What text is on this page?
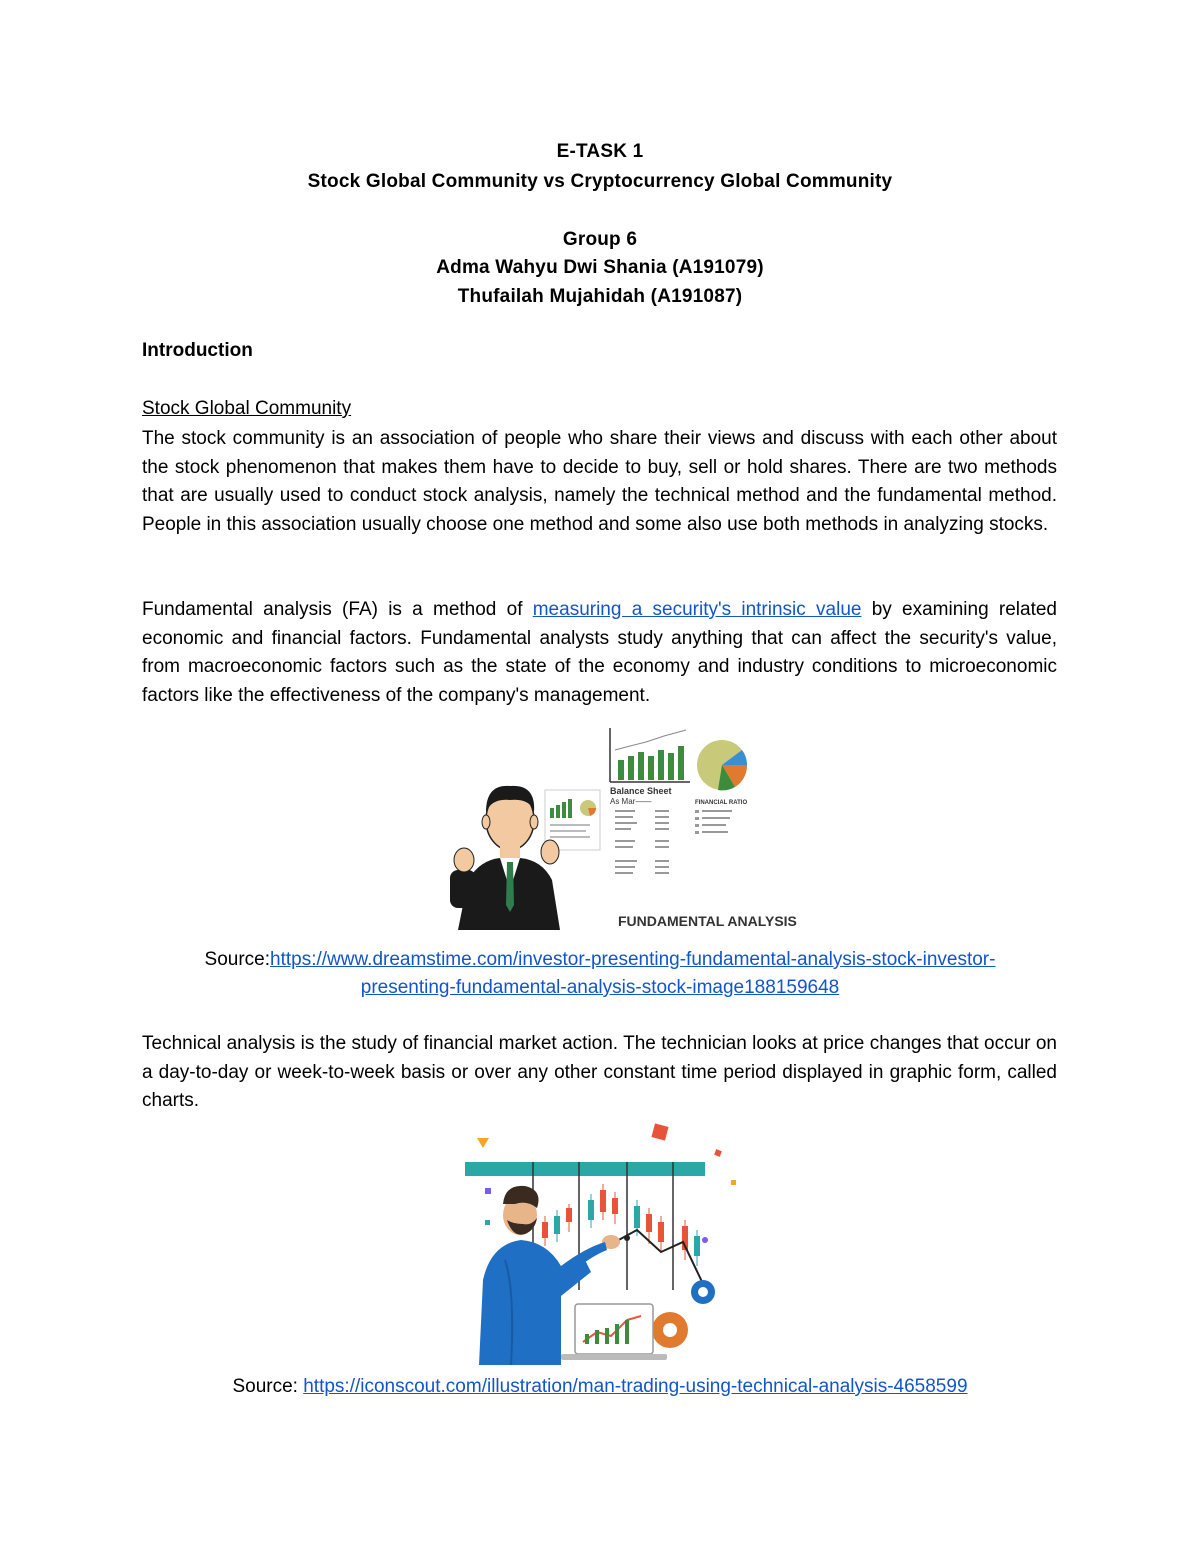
E-TASK 1
Stock Global Community vs Cryptocurrency Global Community
Group 6
Adma Wahyu Dwi Shania (A191079)
Thufailah Mujahidah (A191087)
Introduction
Stock Global Community

The stock community is an association of people who share their views and discuss with each other about the stock phenomenon that makes them have to decide to buy, sell or hold shares. There are two methods that are usually used to conduct stock analysis, namely the technical method and the fundamental method. People in this association usually choose one method and some also use both methods in analyzing stocks.

Fundamental analysis (FA) is a method of measuring a security's intrinsic value by examining related economic and financial factors. Fundamental analysts study anything that can affect the security's value, from macroeconomic factors such as the state of the economy and industry conditions to microeconomic factors like the effectiveness of the company's management.

Balance Sheet
As Mar——	FINANCIAL RATIO
FUNDAMENTAL ANALYSIS
Source:https://www.dreamstime.com/investor-presenting-fundamental-analysis-stock-investor-
presenting-fundamental-analysis-stock-image188159648

Technical analysis is the study of financial market action. The technician looks at price changes that occur on a day-to-day or week-to-week basis or over any other constant time period displayed in graphic form, called charts.

Source: https://iconscout.com/illustration/man-trading-using-technical-analysis-4658599
